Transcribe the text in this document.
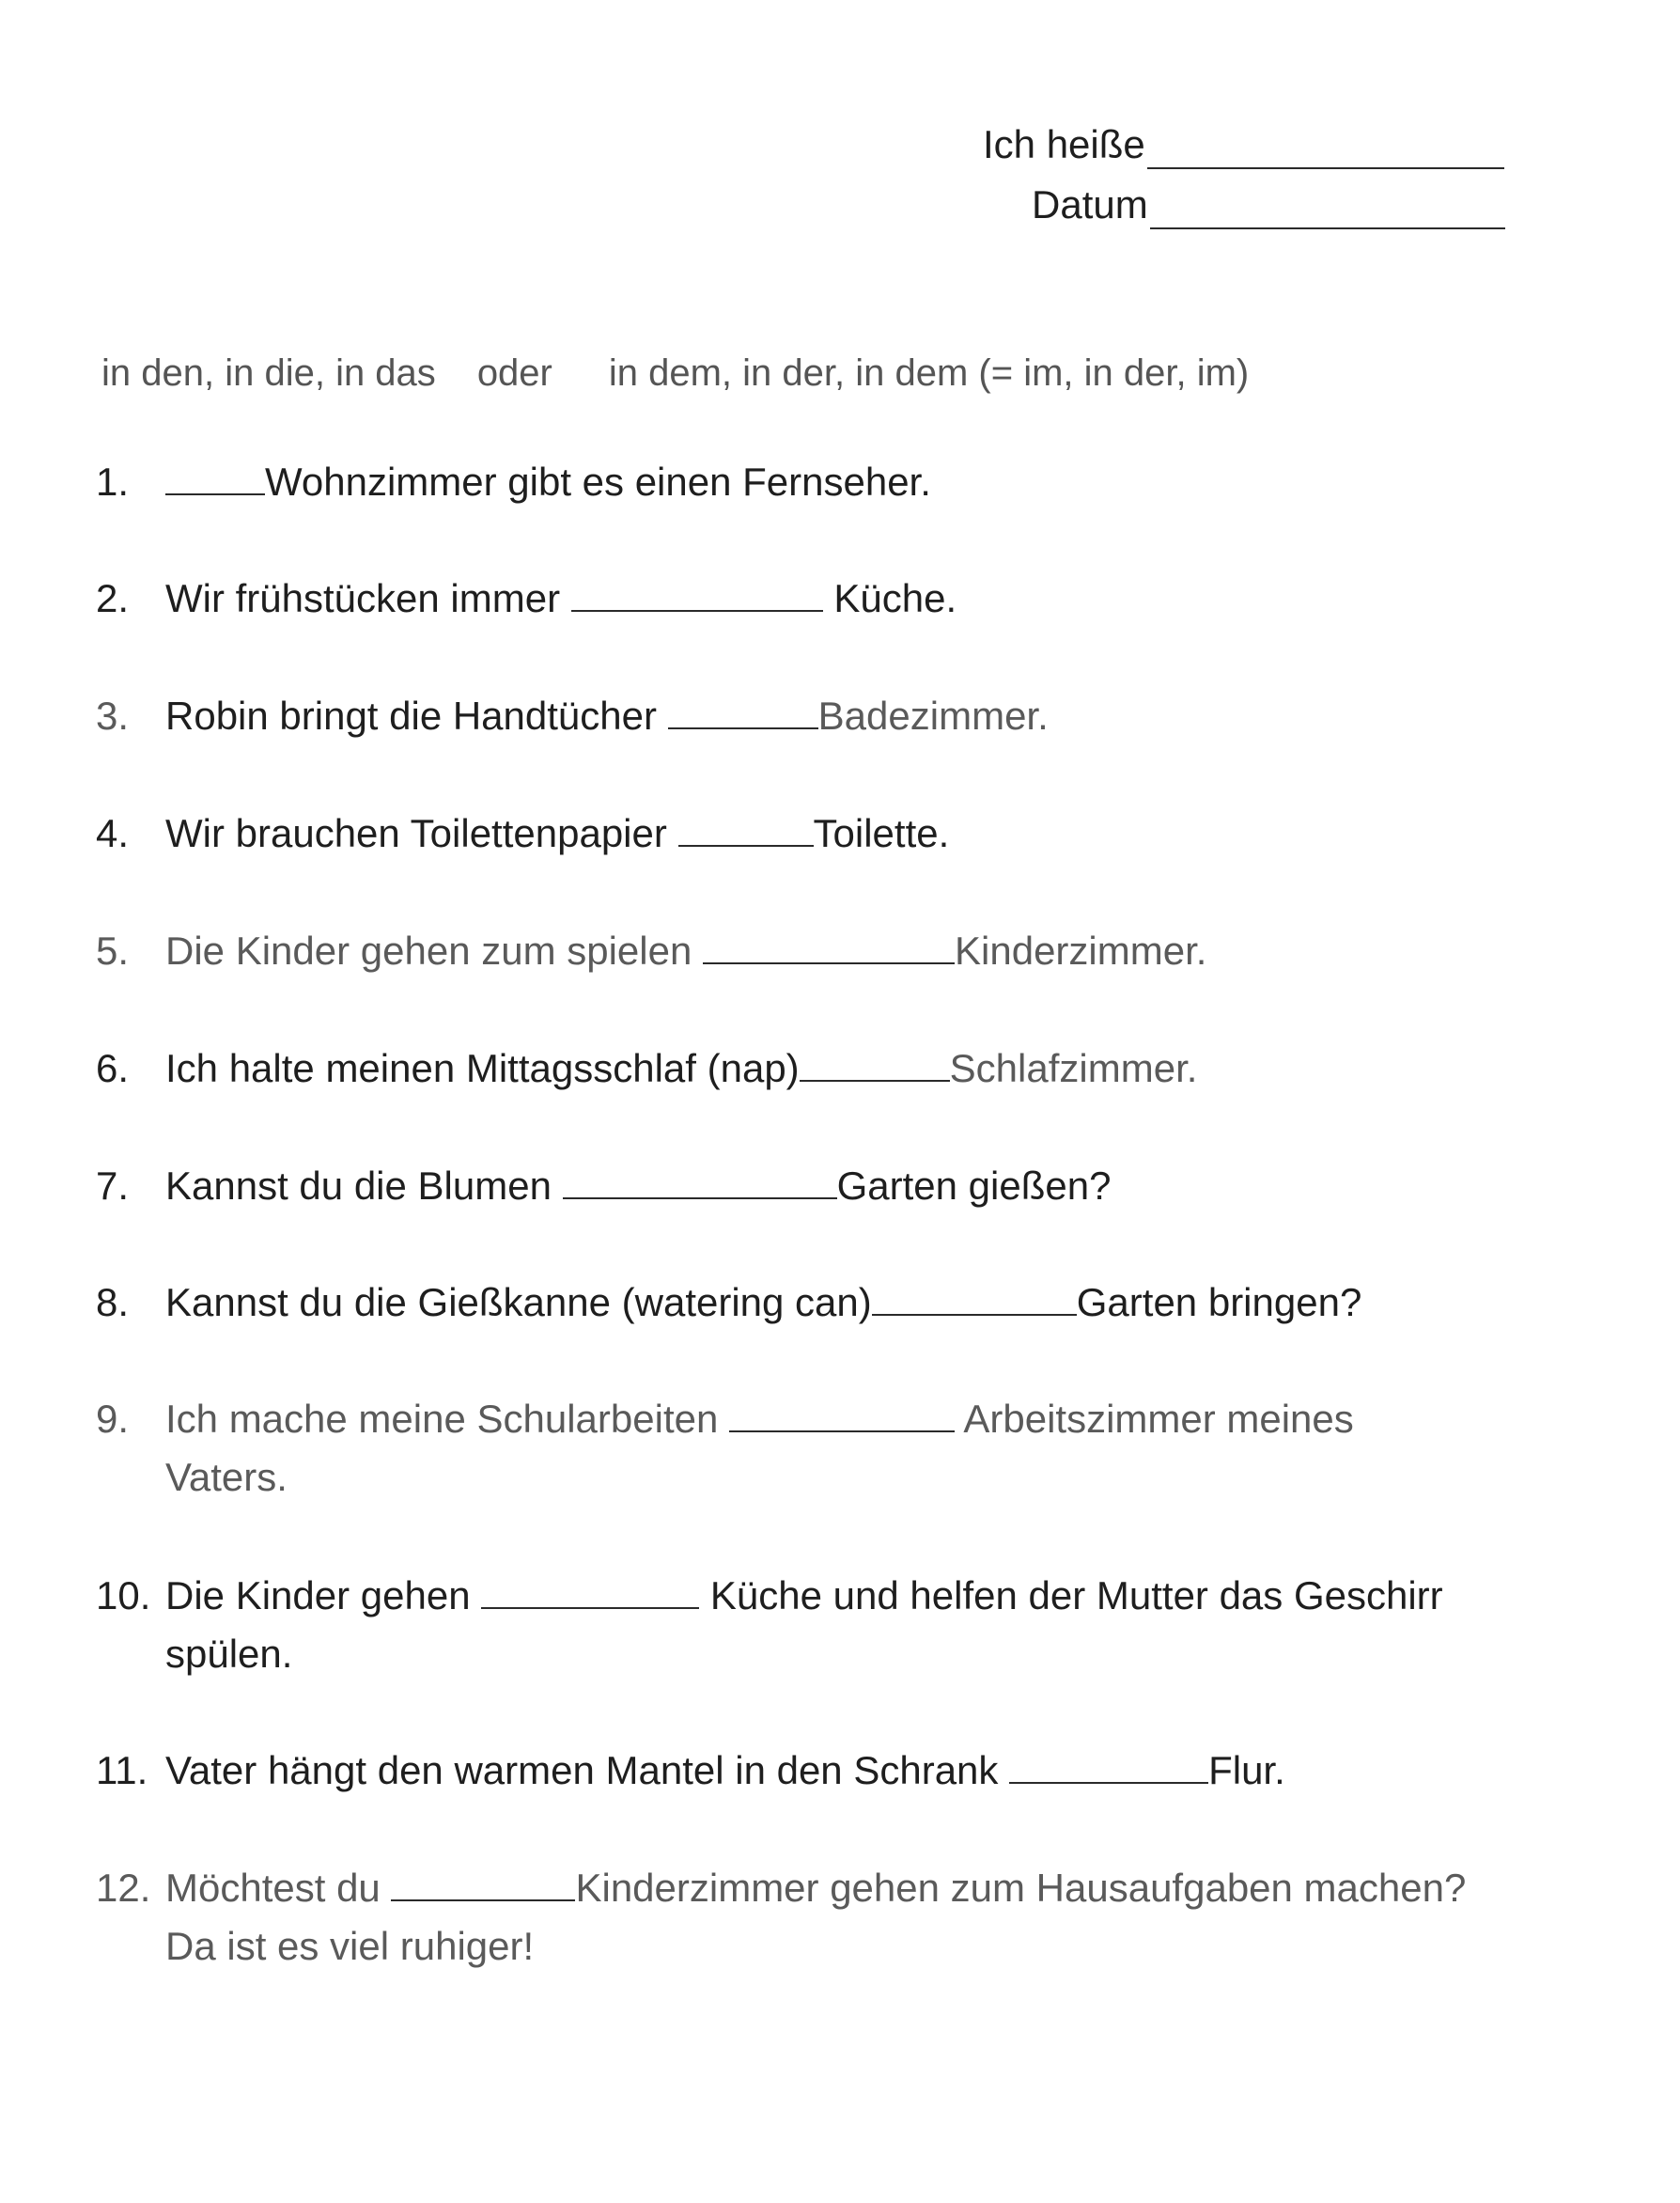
Ich heiße
Datum
in den, in die, in das oder in dem, in der, in dem (= im, in der, im)
1.	Wohnzimmer gibt es einen Fernseher.
2. Wir frühstücken immer	Küche.
3. Robin bringt die Handtücher	Badezimmer.
4. Wir brauchen Toilettenpapier	Toilette.
5. Die Kinder gehen zum spielen	Kinderzimmer.
6. Ich halte meinen Mittagsschlaf (nap)	Schlafzimmer.
7. Kannst du die Blumen	Garten gießen?
8. Kannst du die Gießkanne (watering can)	Garten bringen?
9. Ich mache meine Schularbeiten	Arbeitszimmer meines
Vaters.
10. Die Kinder gehen	Küche und helfen der Mutter das Geschirr
spülen.
11. Vater hängt den warmen Mantel in den Schrank	Flur.
12. Möchtest du	Kinderzimmer gehen zum Hausaufgaben machen?
Da ist es viel ruhiger!
